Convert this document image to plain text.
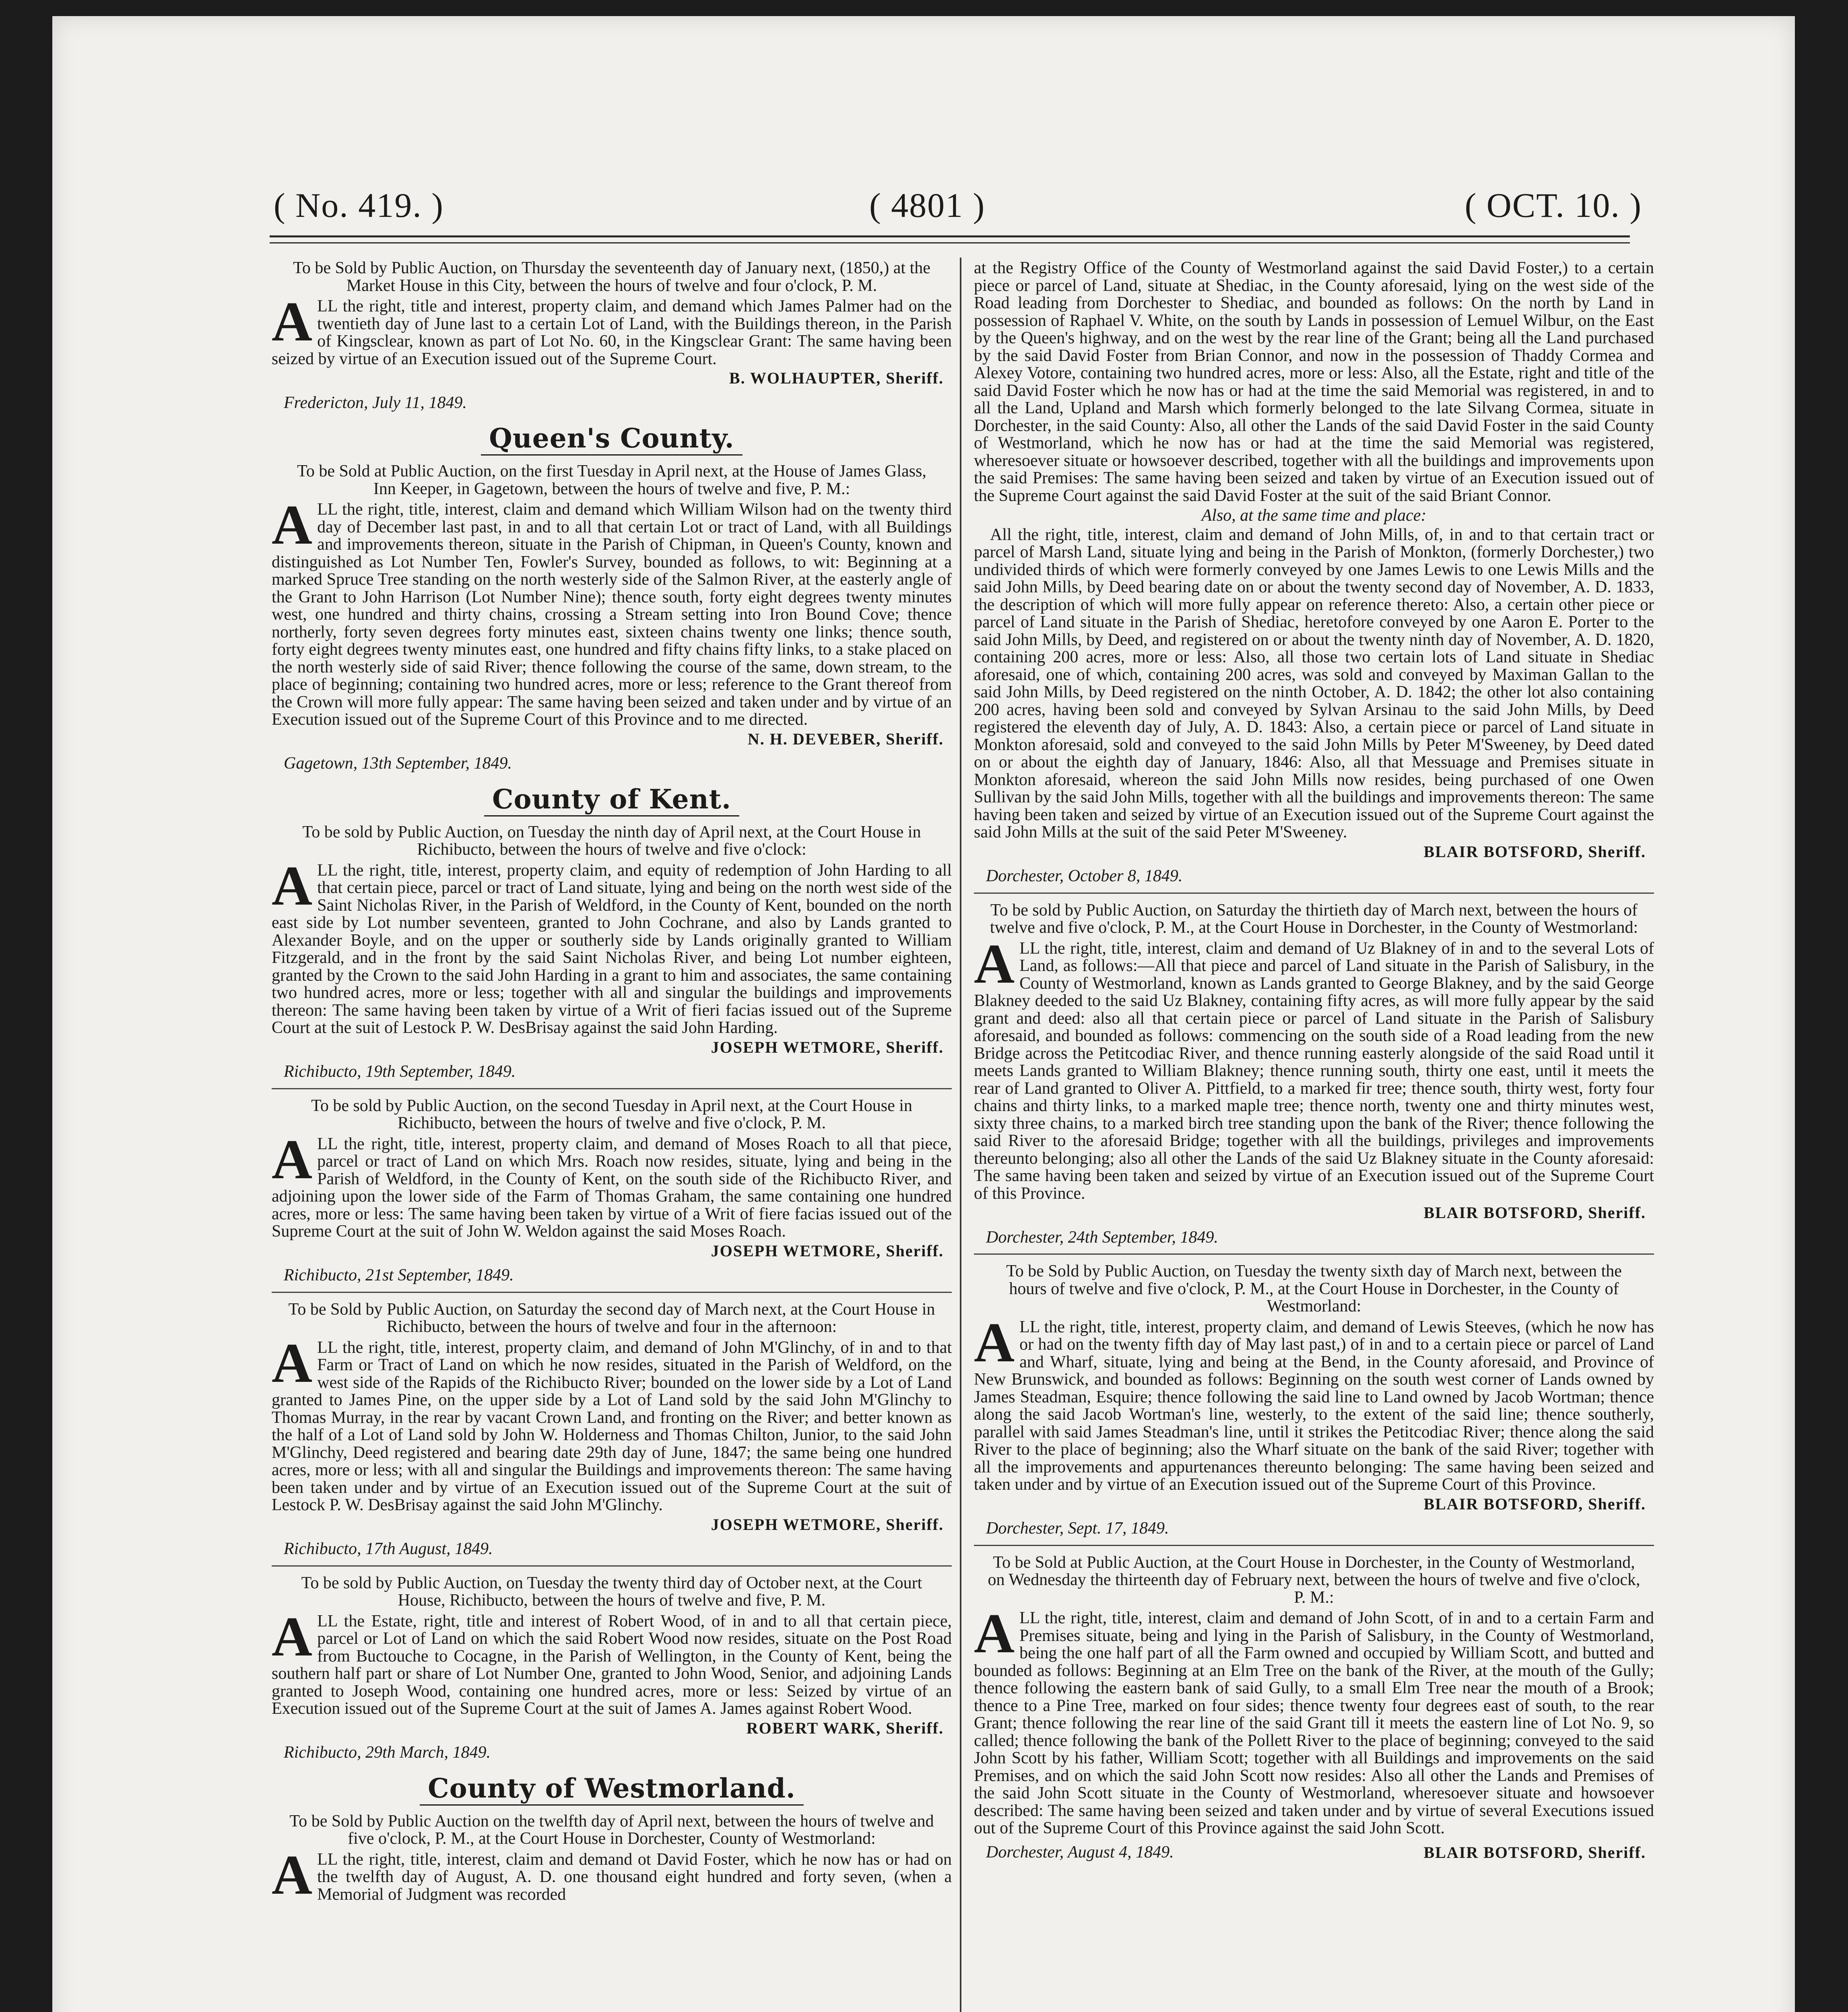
( No. 419. )	( 4801 )	( OCT. 10. )

To be Sold by Public Auction, on Thursday the seventeenth day of January next, (1850,) at the Market House in this City, between the hours of twelve and four o'clock, P. M.

ALL the right, title and interest, property claim, and demand which James Palmer had on the twentieth day of June last to a certain Lot of Land, with the Buildings thereon, in the Parish of Kingsclear, known as part of Lot No. 60, in the Kingsclear Grant: The same having been seized by virtue of an Execution issued out of the Supreme Court.

B. WOLHAUPTER, Sheriff.

Fredericton, July 11, 1849.

Queen's County.

To be Sold at Public Auction, on the first Tuesday in April next, at the House of James Glass, Inn Keeper, in Gagetown, between the hours of twelve and five, P. M.:

ALL the right, title, interest, claim and demand which William Wilson had on the twenty third day of December last past, in and to all that certain Lot or tract of Land, with all Buildings and improvements thereon, situate in the Parish of Chipman, in Queen's County, known and distinguished as Lot Number Ten, Fowler's Survey, bounded as follows, to wit: Beginning at a marked Spruce Tree standing on the north westerly side of the Salmon River, at the easterly angle of the Grant to John Harrison (Lot Number Nine); thence south, forty eight degrees twenty minutes west, one hundred and thirty chains, crossing a Stream setting into Iron Bound Cove; thence northerly, forty seven degrees forty minutes east, sixteen chains twenty one links; thence south, forty eight degrees twenty minutes east, one hundred and fifty chains fifty links, to a stake placed on the north westerly side of said River; thence following the course of the same, down stream, to the place of beginning; containing two hundred acres, more or less; reference to the Grant thereof from the Crown will more fully appear: The same having been seized and taken under and by virtue of an Execution issued out of the Supreme Court of this Province and to me directed.

N. H. DEVEBER, Sheriff.

Gagetown, 13th September, 1849.

County of Kent.

To be sold by Public Auction, on Tuesday the ninth day of April next, at the Court House in Richibucto, between the hours of twelve and five o'clock:

ALL the right, title, interest, property claim, and equity of redemption of John Harding to all that certain piece, parcel or tract of Land situate, lying and being on the north west side of the Saint Nicholas River, in the Parish of Weldford, in the County of Kent, bounded on the north east side by Lot number seventeen, granted to John Cochrane, and also by Lands granted to Alexander Boyle, and on the upper or southerly side by Lands originally granted to William Fitzgerald, and in the front by the said Saint Nicholas River, and being Lot number eighteen, granted by the Crown to the said John Harding in a grant to him and associates, the same containing two hundred acres, more or less; together with all and singular the buildings and improvements thereon: The same having been taken by virtue of a Writ of fieri facias issued out of the Supreme Court at the suit of Lestock P. W. DesBrisay against the said John Harding.

JOSEPH WETMORE, Sheriff.

Richibucto, 19th September, 1849.

To be sold by Public Auction, on the second Tuesday in April next, at the Court House in Richibucto, between the hours of twelve and five o'clock, P. M.

ALL the right, title, interest, property claim, and demand of Moses Roach to all that piece, parcel or tract of Land on which Mrs. Roach now resides, situate, lying and being in the Parish of Weldford, in the County of Kent, on the south side of the Richibucto River, and adjoining upon the lower side of the Farm of Thomas Graham, the same containing one hundred acres, more or less: The same having been taken by virtue of a Writ of fiere facias issued out of the Supreme Court at the suit of John W. Weldon against the said Moses Roach.

JOSEPH WETMORE, Sheriff.

Richibucto, 21st September, 1849.

To be Sold by Public Auction, on Saturday the second day of March next, at the Court House in Richibucto, between the hours of twelve and four in the afternoon:

ALL the right, title, interest, property claim, and demand of John M'Glinchy, of in and to that Farm or Tract of Land on which he now resides, situated in the Parish of Weldford, on the west side of the Rapids of the Richibucto River; bounded on the lower side by a Lot of Land granted to James Pine, on the upper side by a Lot of Land sold by the said John M'Glinchy to Thomas Murray, in the rear by vacant Crown Land, and fronting on the River; and better known as the half of a Lot of Land sold by John W. Holderness and Thomas Chilton, Junior, to the said John M'Glinchy, Deed registered and bearing date 29th day of June, 1847; the same being one hundred acres, more or less; with all and singular the Buildings and improvements thereon: The same having been taken under and by virtue of an Execution issued out of the Supreme Court at the suit of Lestock P. W. DesBrisay against the said John M'Glinchy.

JOSEPH WETMORE, Sheriff.

Richibucto, 17th August, 1849.

To be sold by Public Auction, on Tuesday the twenty third day of October next, at the Court House, Richibucto, between the hours of twelve and five, P. M.

ALL the Estate, right, title and interest of Robert Wood, of in and to all that certain piece, parcel or Lot of Land on which the said Robert Wood now resides, situate on the Post Road from Buctouche to Cocagne, in the Parish of Wellington, in the County of Kent, being the southern half part or share of Lot Number One, granted to John Wood, Senior, and adjoining Lands granted to Joseph Wood, containing one hundred acres, more or less: Seized by virtue of an Execution issued out of the Supreme Court at the suit of James A. James against Robert Wood.

ROBERT WARK, Sheriff.

Richibucto, 29th March, 1849.

County of Westmorland.

To be Sold by Public Auction on the twelfth day of April next, between the hours of twelve and five o'clock, P. M., at the Court House in Dorchester, County of Westmorland:

ALL the right, title, interest, claim and demand ot David Foster, which he now has or had on the twelfth day of August, A. D. one thousand eight hundred and forty seven, (when a Memorial of Judgment was recorded

at the Registry Office of the County of Westmorland against the said David Foster,) to a certain piece or parcel of Land, situate at Shediac, in the County aforesaid, lying on the west side of the Road leading from Dorchester to Shediac, and bounded as follows: On the north by Land in possession of Raphael V. White, on the south by Lands in possession of Lemuel Wilbur, on the East by the Queen's highway, and on the west by the rear line of the Grant; being all the Land purchased by the said David Foster from Brian Connor, and now in the possession of Thaddy Cormea and Alexey Votore, containing two hundred acres, more or less: Also, all the Estate, right and title of the said David Foster which he now has or had at the time the said Memorial was registered, in and to all the Land, Upland and Marsh which formerly belonged to the late Silvang Cormea, situate in Dorchester, in the said County: Also, all other the Lands of the said David Foster in the said County of Westmorland, which he now has or had at the time the said Memorial was registered, wheresoever situate or howsoever described, together with all the buildings and improvements upon the said Premises: The same having been seized and taken by virtue of an Execution issued out of the Supreme Court against the said David Foster at the suit of the said Briant Connor.

Also, at the same time and place:

All the right, title, interest, claim and demand of John Mills, of, in and to that certain tract or parcel of Marsh Land, situate lying and being in the Parish of Monkton, (formerly Dorchester,) two undivided thirds of which were formerly conveyed by one James Lewis to one Lewis Mills and the said John Mills, by Deed bearing date on or about the twenty second day of November, A. D. 1833, the description of which will more fully appear on reference thereto: Also, a certain other piece or parcel of Land situate in the Parish of Shediac, heretofore conveyed by one Aaron E. Porter to the said John Mills, by Deed, and registered on or about the twenty ninth day of November, A. D. 1820, containing 200 acres, more or less: Also, all those two certain lots of Land situate in Shediac aforesaid, one of which, containing 200 acres, was sold and conveyed by Maximan Gallan to the said John Mills, by Deed registered on the ninth October, A. D. 1842; the other lot also containing 200 acres, having been sold and conveyed by Sylvan Arsinau to the said John Mills, by Deed registered the eleventh day of July, A. D. 1843: Also, a certain piece or parcel of Land situate in Monkton aforesaid, sold and conveyed to the said John Mills by Peter M'Sweeney, by Deed dated on or about the eighth day of January, 1846: Also, all that Messuage and Premises situate in Monkton aforesaid, whereon the said John Mills now resides, being purchased of one Owen Sullivan by the said John Mills, together with all the buildings and improvements thereon: The same having been taken and seized by virtue of an Execution issued out of the Supreme Court against the said John Mills at the suit of the said Peter M'Sweeney.

BLAIR BOTSFORD, Sheriff.

Dorchester, October 8, 1849.

To be sold by Public Auction, on Saturday the thirtieth day of March next, between the hours of twelve and five o'clock, P. M., at the Court House in Dorchester, in the County of Westmorland:

ALL the right, title, interest, claim and demand of Uz Blakney of in and to the several Lots of Land, as follows:—All that piece and parcel of Land situate in the Parish of Salisbury, in the County of Westmorland, known as Lands granted to George Blakney, and by the said George Blakney deeded to the said Uz Blakney, containing fifty acres, as will more fully appear by the said grant and deed: also all that certain piece or parcel of Land situate in the Parish of Salisbury aforesaid, and bounded as follows: commencing on the south side of a Road leading from the new Bridge across the Petitcodiac River, and thence running easterly alongside of the said Road until it meets Lands granted to William Blakney; thence running south, thirty one east, until it meets the rear of Land granted to Oliver A. Pittfield, to a marked fir tree; thence south, thirty west, forty four chains and thirty links, to a marked maple tree; thence north, twenty one and thirty minutes west, sixty three chains, to a marked birch tree standing upon the bank of the River; thence following the said River to the aforesaid Bridge; together with all the buildings, privileges and improvements thereunto belonging; also all other the Lands of the said Uz Blakney situate in the County aforesaid: The same having been taken and seized by virtue of an Execution issued out of the Supreme Court of this Province.

BLAIR BOTSFORD, Sheriff.

Dorchester, 24th September, 1849.

To be Sold by Public Auction, on Tuesday the twenty sixth day of March next, between the hours of twelve and five o'clock, P. M., at the Court House in Dorchester, in the County of Westmorland:

ALL the right, title, interest, property claim, and demand of Lewis Steeves, (which he now has or had on the twenty fifth day of May last past,) of in and to a certain piece or parcel of Land and Wharf, situate, lying and being at the Bend, in the County aforesaid, and Province of New Brunswick, and bounded as follows: Beginning on the south west corner of Lands owned by James Steadman, Esquire; thence following the said line to Land owned by Jacob Wortman; thence along the said Jacob Wortman's line, westerly, to the extent of the said line; thence southerly, parallel with said James Steadman's line, until it strikes the Petitcodiac River; thence along the said River to the place of beginning; also the Wharf situate on the bank of the said River; together with all the improvements and appurtenances thereunto belonging: The same having been seized and taken under and by virtue of an Execution issued out of the Supreme Court of this Province.

BLAIR BOTSFORD, Sheriff.

Dorchester, Sept. 17, 1849.

To be Sold at Public Auction, at the Court House in Dorchester, in the County of Westmorland, on Wednesday the thirteenth day of February next, between the hours of twelve and five o'clock, P. M.:

ALL the right, title, interest, claim and demand of John Scott, of in and to a certain Farm and Premises situate, being and lying in the Parish of Salisbury, in the County of Westmorland, being the one half part of all the Farm owned and occupied by William Scott, and butted and bounded as follows: Beginning at an Elm Tree on the bank of the River, at the mouth of the Gully; thence following the eastern bank of said Gully, to a small Elm Tree near the mouth of a Brook; thence to a Pine Tree, marked on four sides; thence twenty four degrees east of south, to the rear Grant; thence following the rear line of the said Grant till it meets the eastern line of Lot No. 9, so called; thence following the bank of the Pollett River to the place of beginning; conveyed to the said John Scott by his father, William Scott; together with all Buildings and improvements on the said Premises, and on which the said John Scott now resides: Also all other the Lands and Premises of the said John Scott situate in the County of Westmorland, wheresoever situate and howsoever described: The same having been seized and taken under and by virtue of several Executions issued out of the Supreme Court of this Province against the said John Scott.

Dorchester, August 4, 1849.	BLAIR BOTSFORD, Sheriff.
